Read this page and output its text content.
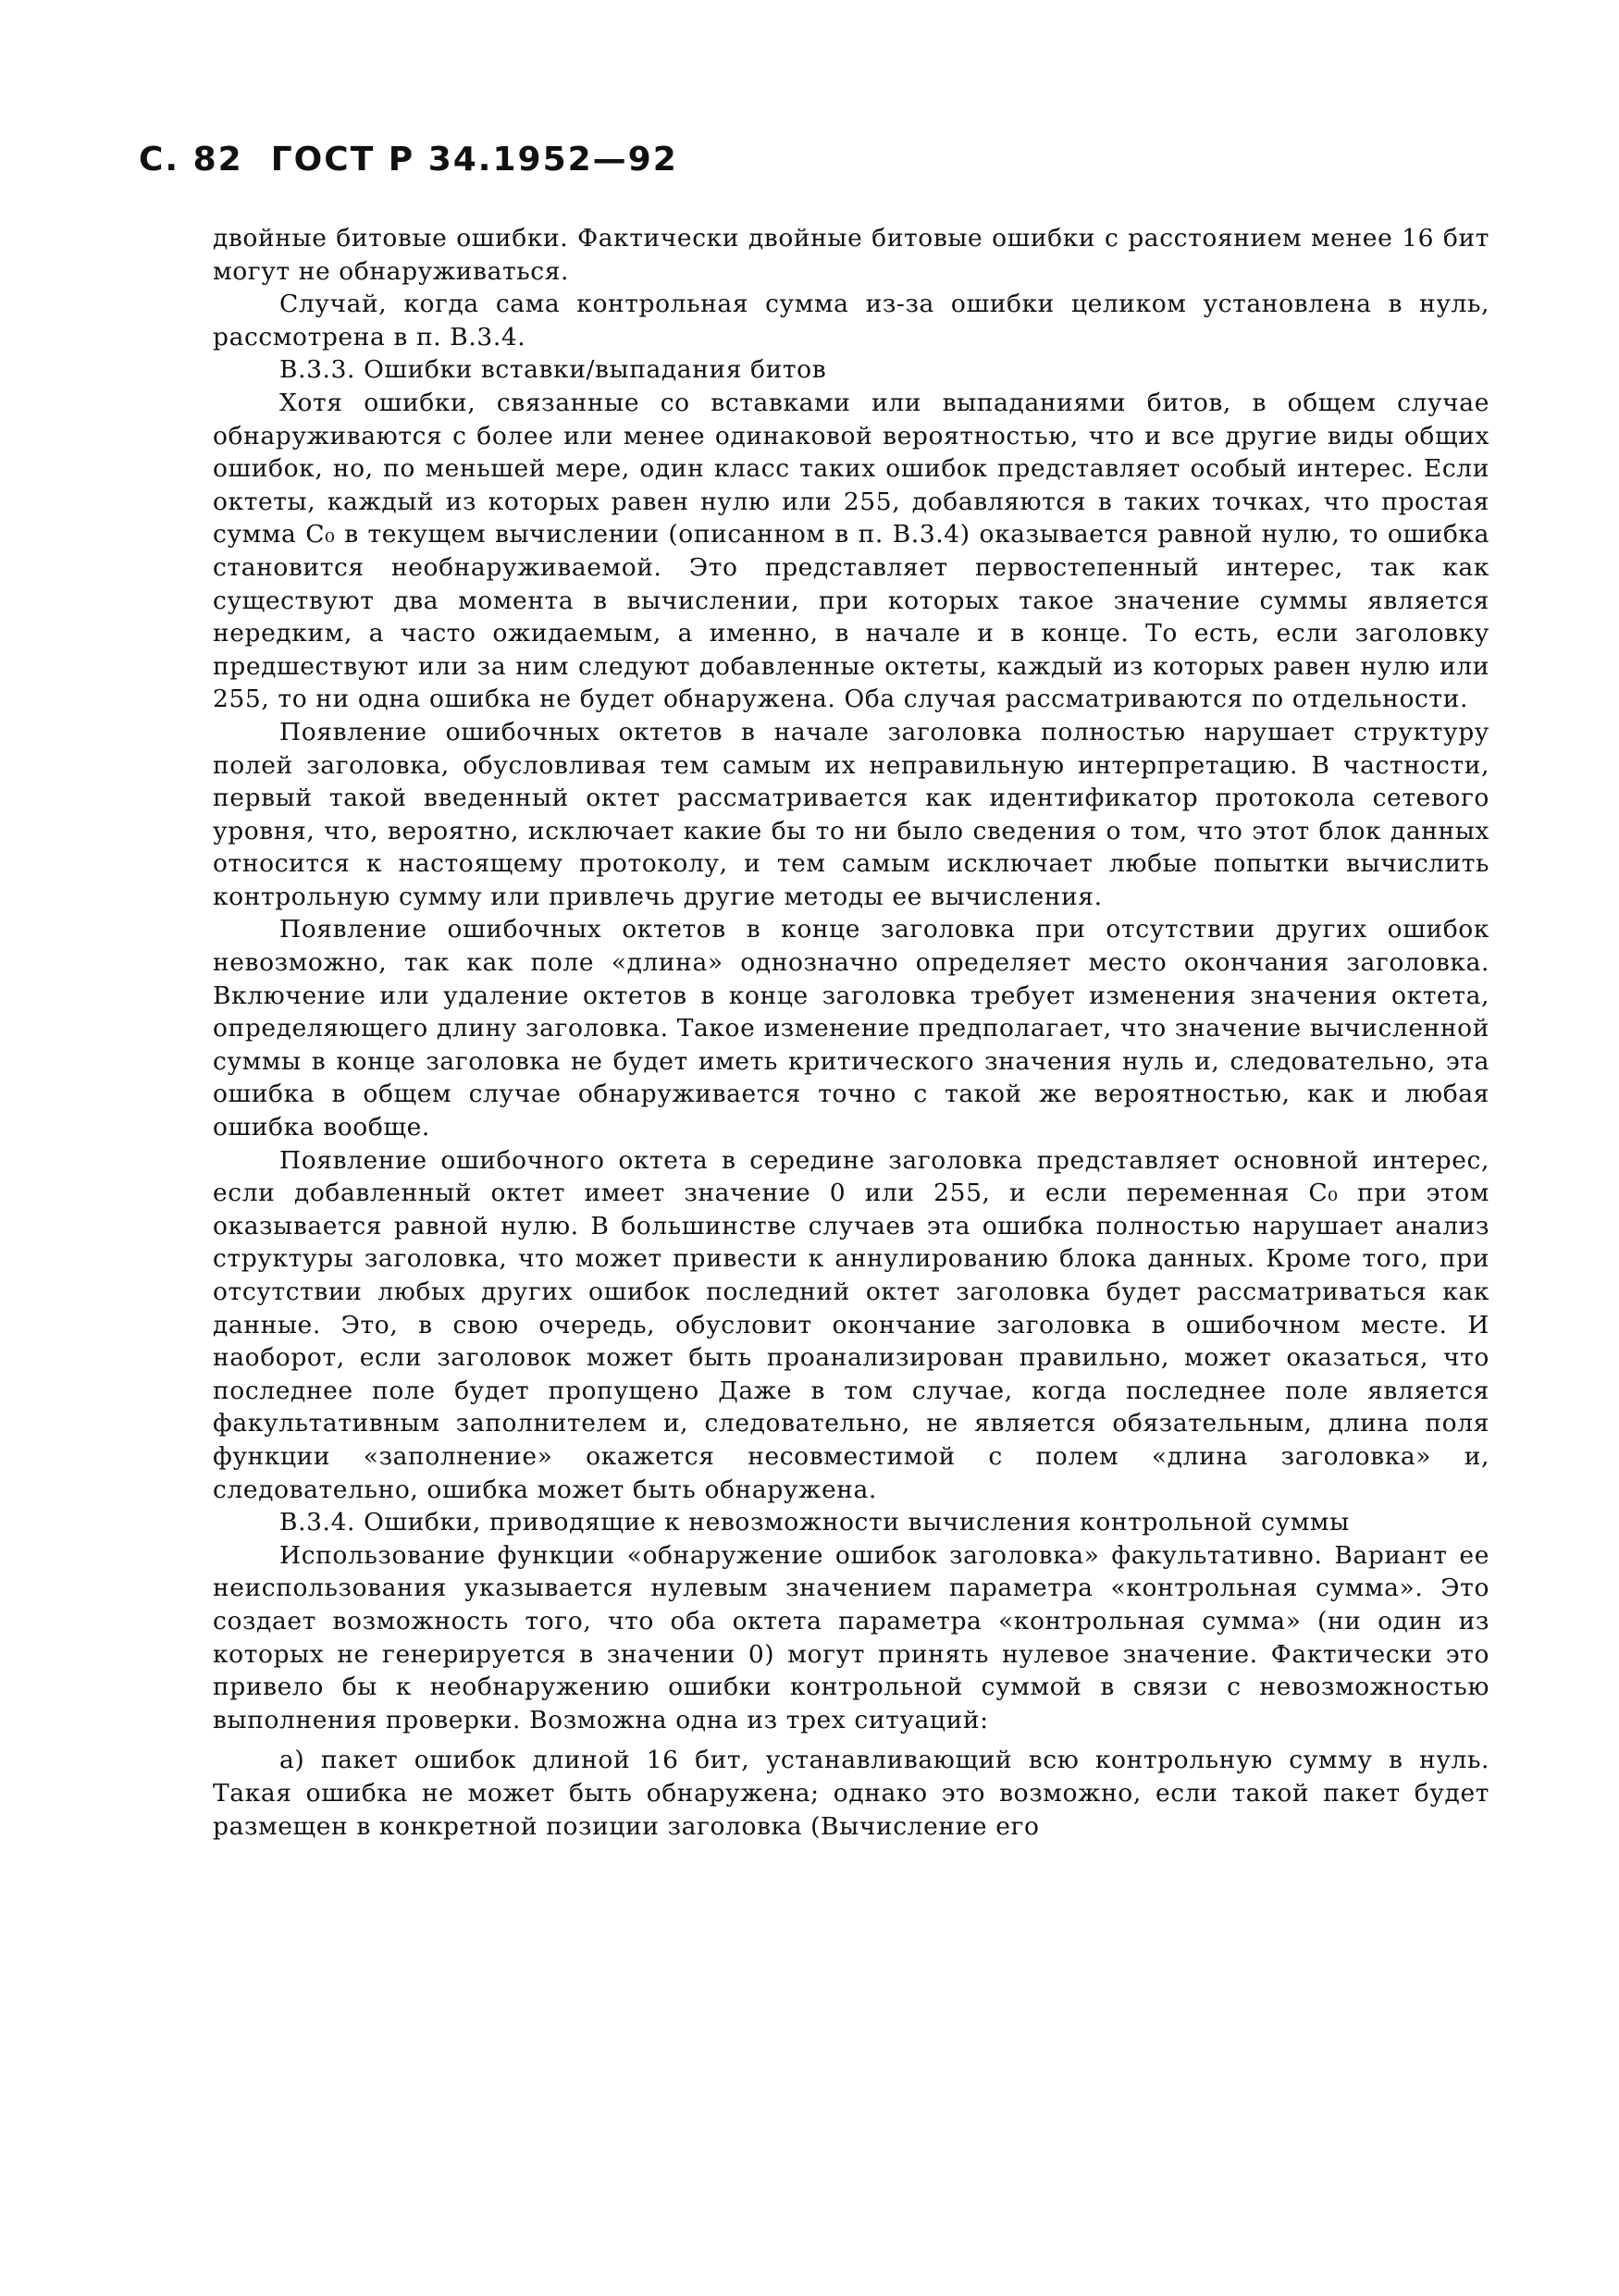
С. 82 ГОСТ Р 34.1952—92

двойные битовые ошибки. Фактически двойные битовые ошибки с расстоянием менее 16 бит могут не обнаруживаться.

Случай, когда сама контрольная сумма из-за ошибки целиком установлена в нуль, рассмотрена в п. В.3.4.

В.3.3. Ошибки вставки/выпадания битов

Хотя ошибки, связанные со вставками или выпаданиями битов, в общем случае обнаруживаются с более или менее одинаковой вероятностью, что и все другие виды общих ошибок, но, по меньшей мере, один класс таких ошибок представляет особый интерес. Если октеты, каждый из которых равен нулю или 255, добавляются в таких точках, что простая сумма C₀ в текущем вычислении (описанном в п. В.3.4) оказывается равной нулю, то ошибка становится необнаруживаемой. Это представляет первостепенный интерес, так как существуют два момента в вычислении, при которых такое значение суммы является нередким, а часто ожидаемым, а именно, в начале и в конце. То есть, если заголовку предшествуют или за ним следуют добавленные октеты, каждый из которых равен нулю или 255, то ни одна ошибка не будет обнаружена. Оба случая рассматриваются по отдельности.

Появление ошибочных октетов в начале заголовка полностью нарушает структуру полей заголовка, обусловливая тем самым их неправильную интерпретацию. В частности, первый такой введенный октет рассматривается как идентификатор протокола сетевого уровня, что, вероятно, исключает какие бы то ни было сведения о том, что этот блок данных относится к настоящему протоколу, и тем самым исключает любые попытки вычислить контрольную сумму или привлечь другие методы ее вычисления.

Появление ошибочных октетов в конце заголовка при отсутствии других ошибок невозможно, так как поле «длина» однозначно определяет место окончания заголовка. Включение или удаление октетов в конце заголовка требует изменения значения октета, определяющего длину заголовка. Такое изменение предполагает, что значение вычисленной суммы в конце заголовка не будет иметь критического значения нуль и, следовательно, эта ошибка в общем случае обнаруживается точно с такой же вероятностью, как и любая ошибка вообще.

Появление ошибочного октета в середине заголовка представляет основной интерес, если добавленный октет имеет значение 0 или 255, и если переменная C₀ при этом оказывается равной нулю. В большинстве случаев эта ошибка полностью нарушает анализ структуры заголовка, что может привести к аннулированию блока данных. Кроме того, при отсутствии любых других ошибок последний октет заголовка будет рассматриваться как данные. Это, в свою очередь, обусловит окончание заголовка в ошибочном месте. И наоборот, если заголовок может быть проанализирован правильно, может оказаться, что последнее поле будет пропущено Даже в том случае, когда последнее поле является факультативным заполнителем и, следовательно, не является обязательным, длина поля функции «заполнение» окажется несовместимой с полем «длина заголовка» и, следовательно, ошибка может быть обнаружена.

В.3.4. Ошибки, приводящие к невозможности вычисления контрольной суммы

Использование функции «обнаружение ошибок заголовка» факультативно. Вариант ее неиспользования указывается нулевым значением параметра «контрольная сумма». Это создает возможность того, что оба октета параметра «контрольная сумма» (ни один из которых не генерируется в значении 0) могут принять нулевое значение. Фактически это привело бы к необнаружению ошибки контрольной суммой в связи с невозможностью выполнения проверки. Возможна одна из трех ситуаций:

а) пакет ошибок длиной 16 бит, устанавливающий всю контрольную сумму в нуль. Такая ошибка не может быть обнаружена; однако это возможно, если такой пакет будет размещен в конкретной позиции заголовка (Вычисление его
